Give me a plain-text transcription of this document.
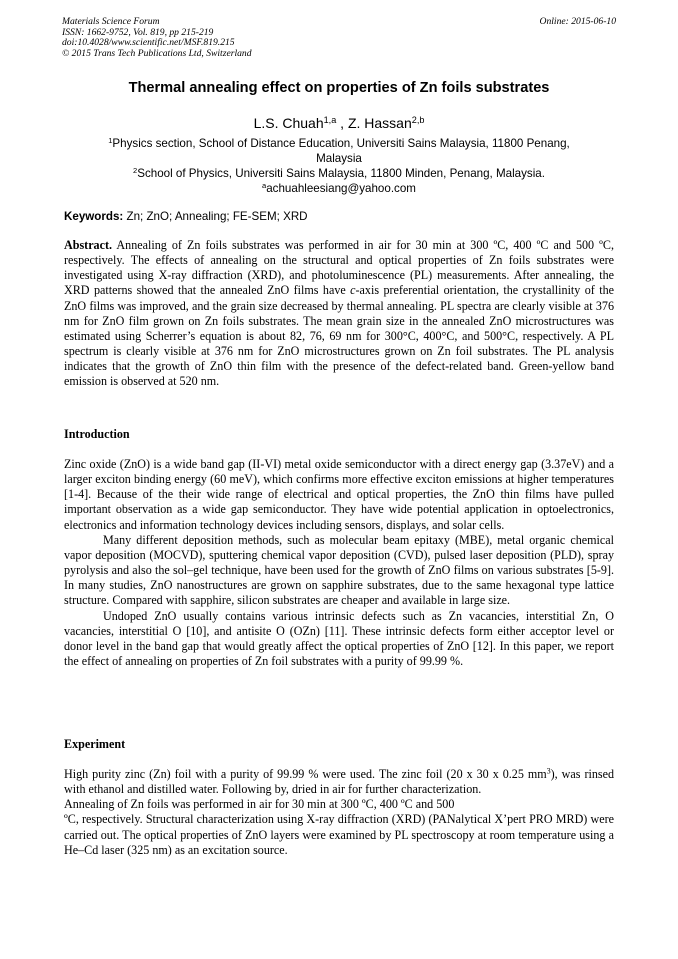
Materials Science Forum
ISSN: 1662-9752, Vol. 819, pp 215-219
doi:10.4028/www.scientific.net/MSF.819.215
© 2015 Trans Tech Publications Ltd, Switzerland
Online: 2015-06-10
Thermal annealing effect on properties of Zn foils substrates
L.S. Chuah$^{1,a}$ , Z. Hassan$^{2,b}$
$^1$Physics section, School of Distance Education, Universiti Sains Malaysia, 11800 Penang, Malaysia
$^2$School of Physics, Universiti Sains Malaysia, 11800 Minden, Penang, Malaysia.
$^a$achuahleesiang@yahoo.com
Keywords: Zn; ZnO; Annealing; FE-SEM; XRD

Abstract. Annealing of Zn foils substrates was performed in air for 30 min at 300 ºC, 400 ºC and 500 ºC, respectively. The effects of annealing on the structural and optical properties of Zn foils substrates were investigated using X-ray diffraction (XRD), and photoluminescence (PL) measurements. After annealing, the XRD patterns showed that the annealed ZnO films have c-axis preferential orientation, the crystallinity of the ZnO films was improved, and the grain size decreased by thermal annealing. PL spectra are clearly visible at 376 nm for ZnO film grown on Zn foils substrates. The mean grain size in the annealed ZnO microstructures was estimated using Scherrer’s equation is about 82, 76, 69 nm for 300°C, 400°C, and 500°C, respectively. A PL spectrum is clearly visible at 376 nm for ZnO microstructures grown on Zn foil substrates. The PL analysis indicates that the growth of ZnO thin film with the presence of the defect-related band. Green-yellow band emission is observed at 520 nm.

Introduction

Zinc oxide (ZnO) is a wide band gap (II-VI) metal oxide semiconductor with a direct energy gap (3.37eV) and a larger exciton binding energy (60 meV), which confirms more effective exciton emissions at higher temperatures [1-4]. Because of the their wide range of electrical and optical properties, the ZnO thin films have pulled important observation as a wide gap semiconductor. They have wide potential application in optoelectronics, electronics and information technology devices including sensors, displays, and solar cells.

Many different deposition methods, such as molecular beam epitaxy (MBE), metal organic chemical vapor deposition (MOCVD), sputtering chemical vapor deposition (CVD), pulsed laser deposition (PLD), spray pyrolysis and also the sol–gel technique, have been used for the growth of ZnO films on various substrates [5-9]. In many studies, ZnO nanostructures are grown on sapphire substrates, due to the same hexagonal type lattice structure. Compared with sapphire, silicon substrates are cheaper and available in large size.

Undoped ZnO usually contains various intrinsic defects such as Zn vacancies, interstitial Zn, O vacancies, interstitial O [10], and antisite O (OZn) [11]. These intrinsic defects form either acceptor level or donor level in the band gap that would greatly affect the optical properties of ZnO [12]. In this paper, we report the effect of annealing on properties of Zn foil substrates with a purity of 99.99 %.

Experiment

High purity zinc (Zn) foil with a purity of 99.99 % were used. The zinc foil (20 x 30 x 0.25 $mm^3$), was rinsed with ethanol and distilled water. Following by, dried in air for further characterization.

Annealing of Zn foils was performed in air for 30 min at 300 ºC, 400 ºC and 500

ºC, respectively. Structural characterization using X-ray diffraction (XRD) (PANalytical X’pert PRO MRD) were carried out. The optical properties of ZnO layers were examined by PL spectroscopy at room temperature using a He–Cd laser (325 nm) as an excitation source.
